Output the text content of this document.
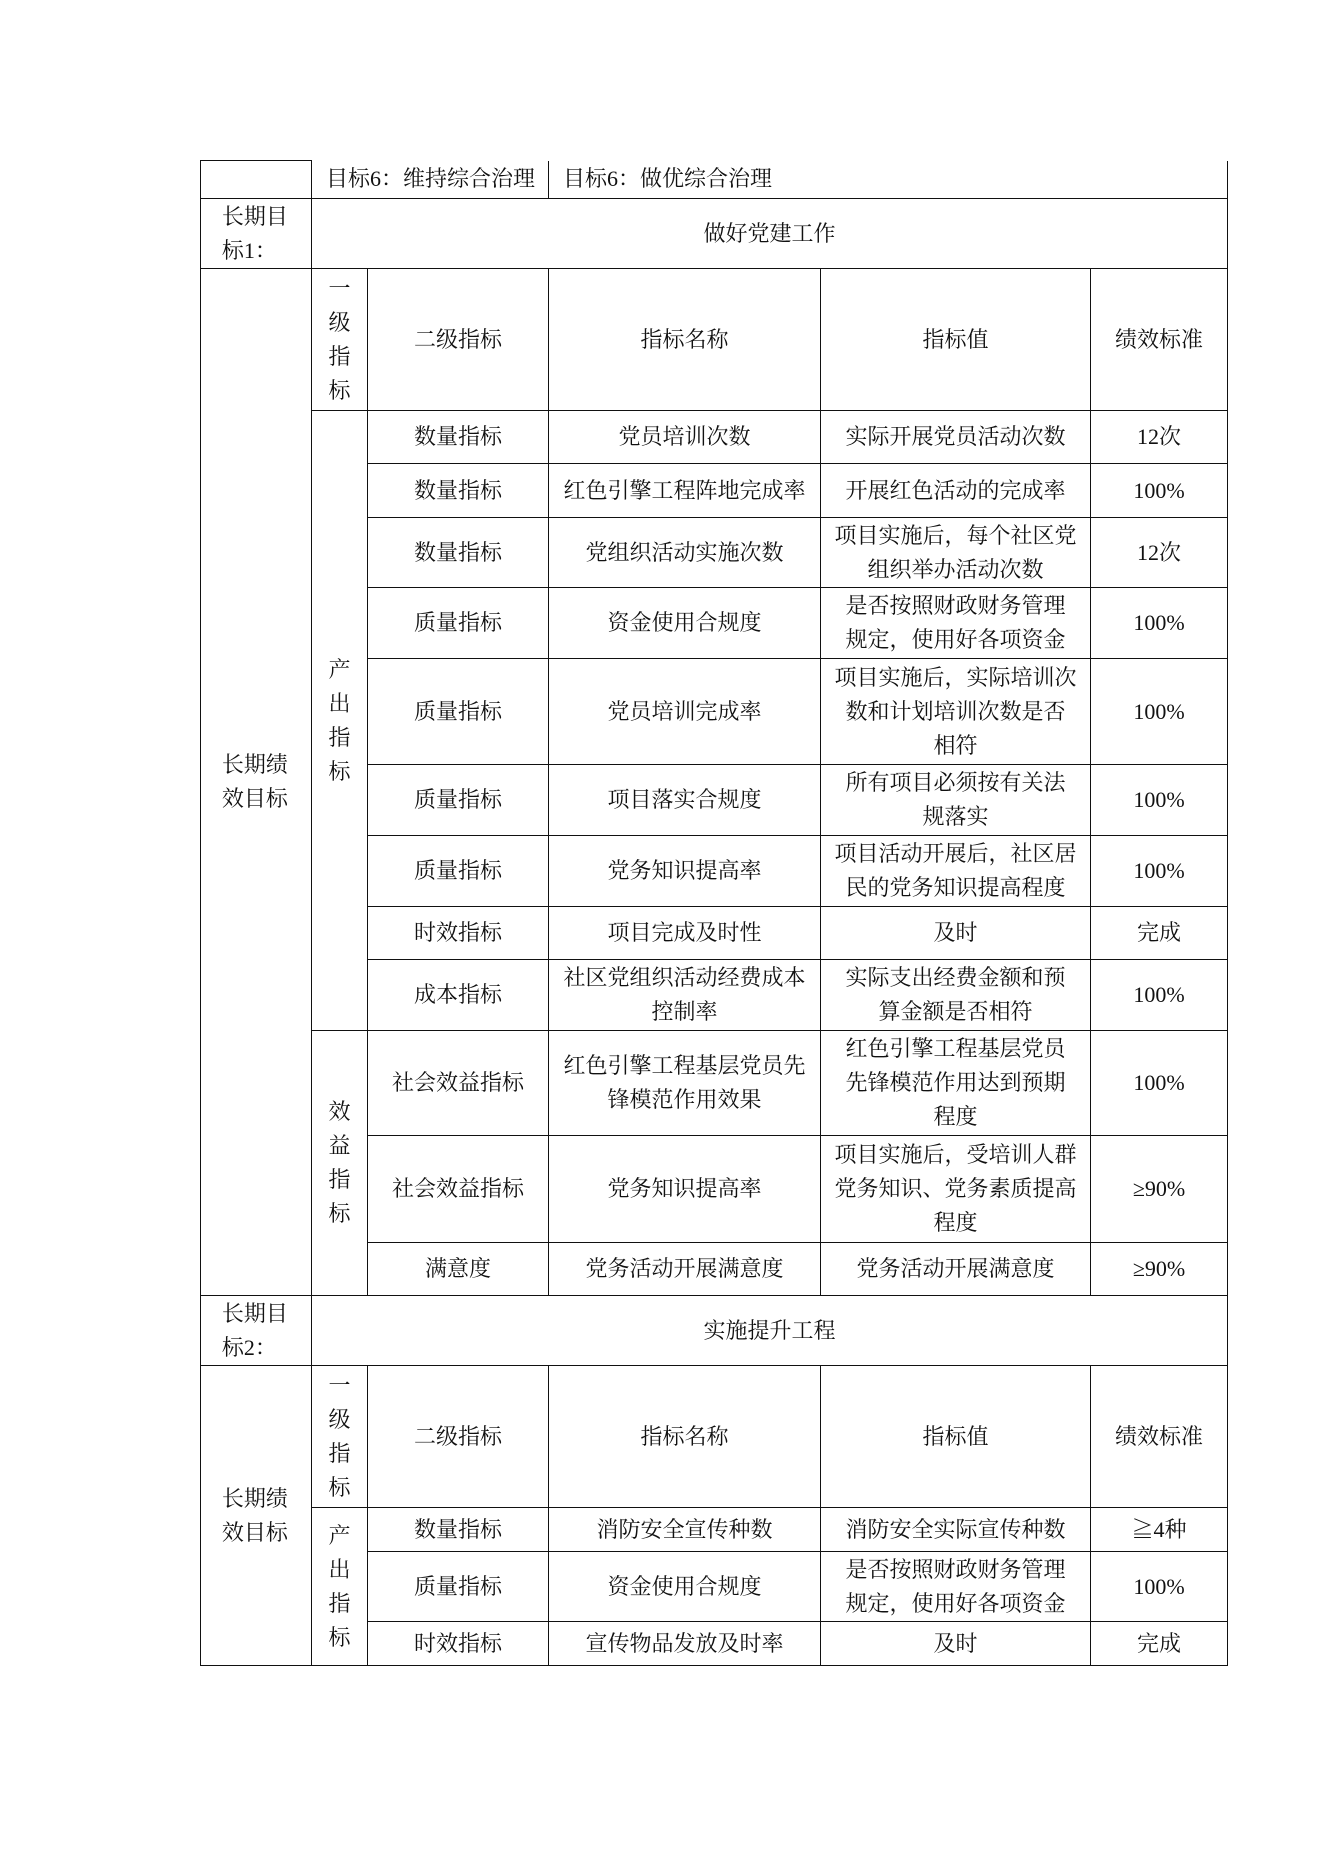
	目标6：维持综合治理		目标6：做优综合治理		

长期目标1：	做好党建工作				

长期绩效目标	一级指标	二级指标	指标名称	指标值	绩效标准

	产出指标	数量指标	党员培训次数	实际开展党员活动次数	12次
		数量指标	红色引擎工程阵地完成率	开展红色活动的完成率	100%
		数量指标	党组织活动实施次数	项目实施后，每个社区党
组织举办活动次数	12次
		质量指标	资金使用合规度	是否按照财政财务管理
规定，使用好各项资金	100%
		质量指标	党员培训完成率	项目实施后，实际培训次
数和计划培训次数是否
相符	100%
		质量指标	项目落实合规度	所有项目必须按有关法
规落实	100%
		质量指标	党务知识提高率	项目活动开展后，社区居
民的党务知识提高程度	100%
		时效指标	项目完成及时性	及时	完成
		成本指标	社区党组织活动经费成本
控制率	实际支出经费金额和预
算金额是否相符	100%

	效益指标	社会效益指标	红色引擎工程基层党员先
锋模范作用效果	红色引擎工程基层党员
先锋模范作用达到预期
程度	100%
		社会效益指标	党务知识提高率	项目实施后，受培训人群
党务知识、党务素质提高
程度	≥90%
		满意度	党务活动开展满意度	党务活动开展满意度	≥90%

长期目标2：	实施提升工程				

长期绩效目标	一级指标	二级指标	指标名称	指标值	绩效标准

	产出指标	数量指标	消防安全宣传种数	消防安全实际宣传种数	≧4种
		质量指标	资金使用合规度	是否按照财政财务管理
规定，使用好各项资金	100%
		时效指标	宣传物品发放及时率	及时	完成
